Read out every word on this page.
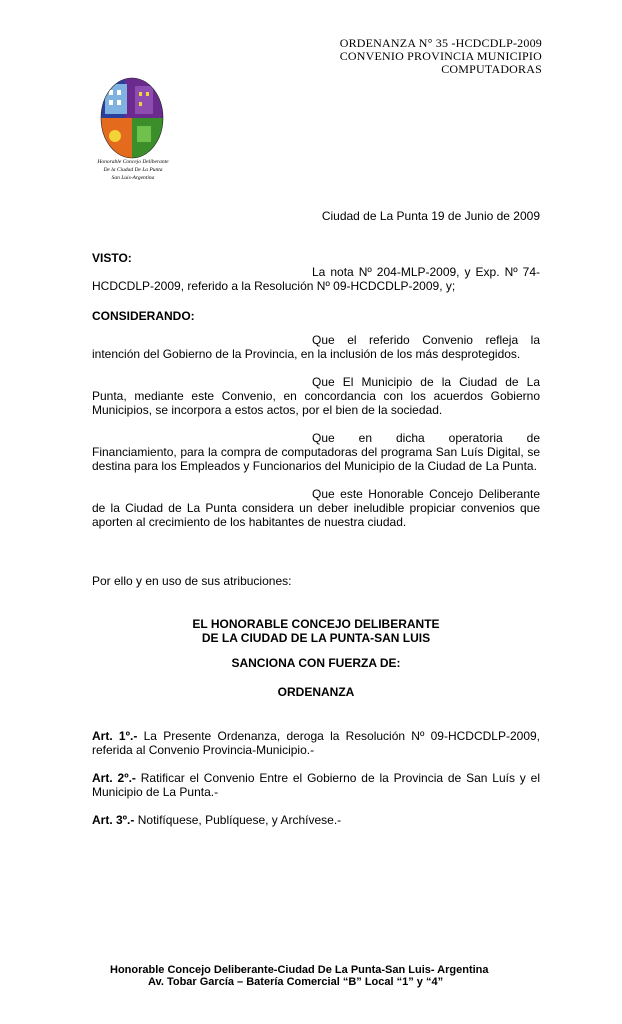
ORDENANZA N° 35 -HCDCDLP-2009
CONVENIO PROVINCIA MUNICIPIO
COMPUTADORAS
Honorable Concejo Deliberante
De la Ciudad De La Punta
San Luis-Argentina
Ciudad de La Punta 19 de Junio de 2009

VISTO:

La nota Nº 204-MLP-2009, y Exp. Nº 74-HCDCDLP-2009, referido a la Resolución Nº 09-HCDCDLP-2009, y;

CONSIDERANDO:

Que el referido Convenio refleja la intención del Gobierno de la Provincia, en la inclusión de los más desprotegidos.

Que El Municipio de la Ciudad de La Punta, mediante este Convenio, en concordancia con los acuerdos Gobierno Municipios, se incorpora a estos actos, por el bien de la sociedad.

Que en dicha operatoria de Financiamiento, para la compra de computadoras del programa San Luís Digital, se destina para los Empleados y Funcionarios del Municipio de la Ciudad de La Punta.

Que este Honorable Concejo Deliberante de la Ciudad de La Punta considera un deber ineludible propiciar convenios que aporten al crecimiento de los habitantes de nuestra ciudad.

Por ello y en uso de sus atribuciones:
EL HONORABLE CONCEJO DELIBERANTE
DE LA CIUDAD DE LA PUNTA-SAN LUIS
SANCIONA CON FUERZA DE:
ORDENANZA

Art. 1º.- La Presente Ordenanza, deroga la Resolución Nº 09-HCDCDLP-2009, referida al Convenio Provincia-Municipio.-

Art. 2º.- Ratificar el Convenio Entre el Gobierno de la Provincia de San Luís y el Municipio de La Punta.-

Art. 3º.- Notifíquese, Publíquese, y Archívese.-

Honorable Concejo Deliberante-Ciudad De La Punta-San Luis- Argentina
Av. Tobar García – Batería Comercial “B” Local “1” y “4”
